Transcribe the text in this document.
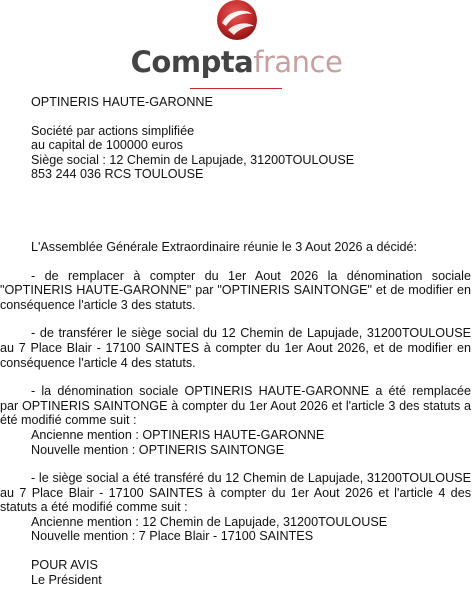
Comptafrance

OPTINERIS HAUTE-GARONNE

Société par actions simplifiée

au capital de 100000 euros

Siège social : 12 Chemin de Lapujade, 31200TOULOUSE

853 244 036 RCS TOULOUSE

L'Assemblée Générale Extraordinaire réunie le 3 Aout 2026 a décidé:

- de remplacer à compter du 1er Aout 2026 la dénomination sociale "OPTINERIS HAUTE-GARONNE" par "OPTINERIS SAINTONGE" et de modifier en conséquence l'article 3 des statuts.

- de transférer le siège social du 12 Chemin de Lapujade, 31200TOULOUSE au 7 Place Blair - 17100 SAINTES à compter du 1er Aout 2026, et de modifier en conséquence l'article 4 des statuts.

- la dénomination sociale OPTINERIS HAUTE-GARONNE a été remplacée par OPTINERIS SAINTONGE à compter du 1er Aout 2026 et l'article 3 des statuts a été modifié comme suit :

Ancienne mention : OPTINERIS HAUTE-GARONNE

Nouvelle mention : OPTINERIS SAINTONGE

- le siège social a été transféré du 12 Chemin de Lapujade, 31200TOULOUSE au 7 Place Blair - 17100 SAINTES à compter du 1er Aout 2026 et l'article 4 des statuts a été modifié comme suit :

Ancienne mention : 12 Chemin de Lapujade, 31200TOULOUSE

Nouvelle mention : 7 Place Blair - 17100 SAINTES

POUR AVIS

Le Président
